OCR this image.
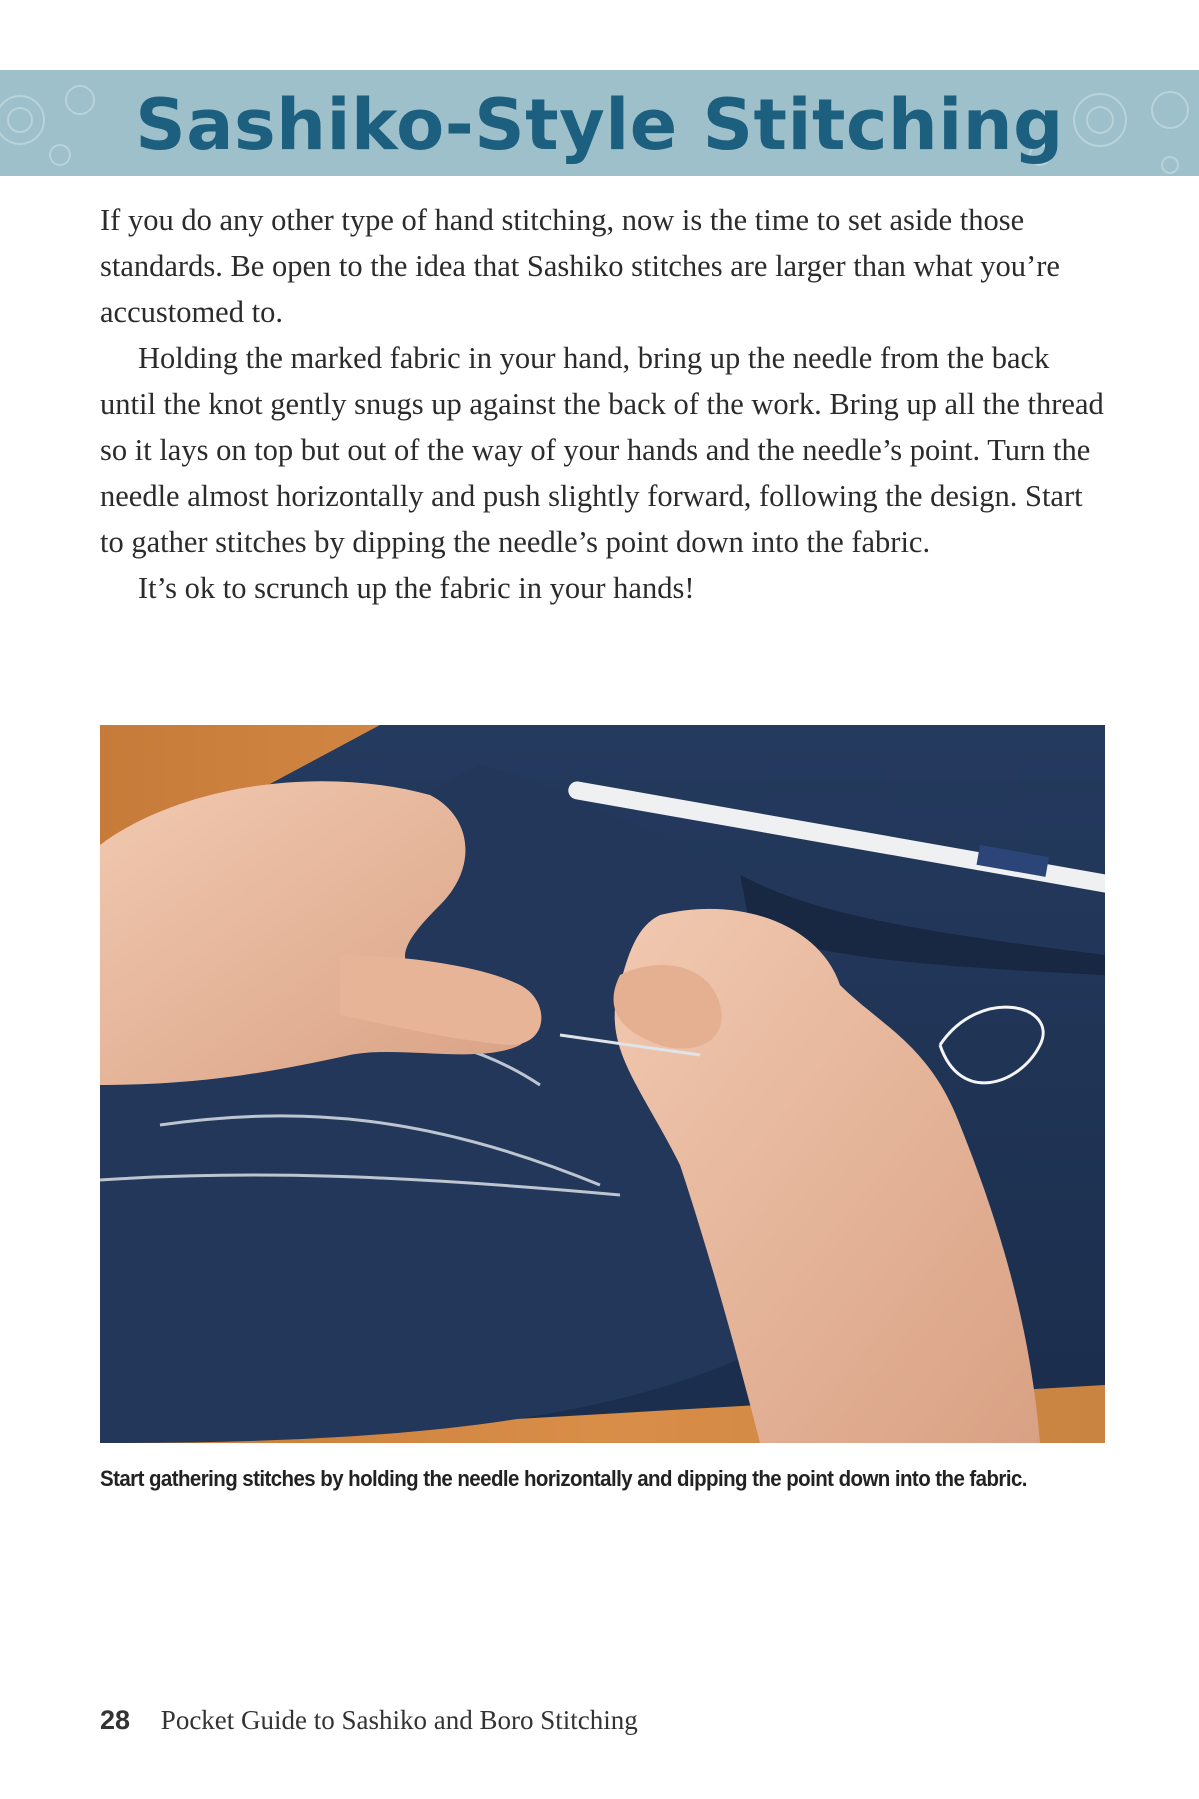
Sashiko-Style Stitching

If you do any other type of hand stitching, now is the time to set aside those standards. Be open to the idea that Sashiko stitches are larger than what you’re accustomed to.

Holding the marked fabric in your hand, bring up the needle from the back until the knot gently snugs up against the back of the work. Bring up all the thread so it lays on top but out of the way of your hands and the needle’s point. Turn the needle almost horizontally and push slightly forward, following the design. Start to gather stitches by dipping the needle’s point down into the fabric.

It’s ok to scrunch up the fabric in your hands!

Start gathering stitches by holding the needle horizontally and dipping the point down into the fabric.
28 Pocket Guide to Sashiko and Boro Stitching
